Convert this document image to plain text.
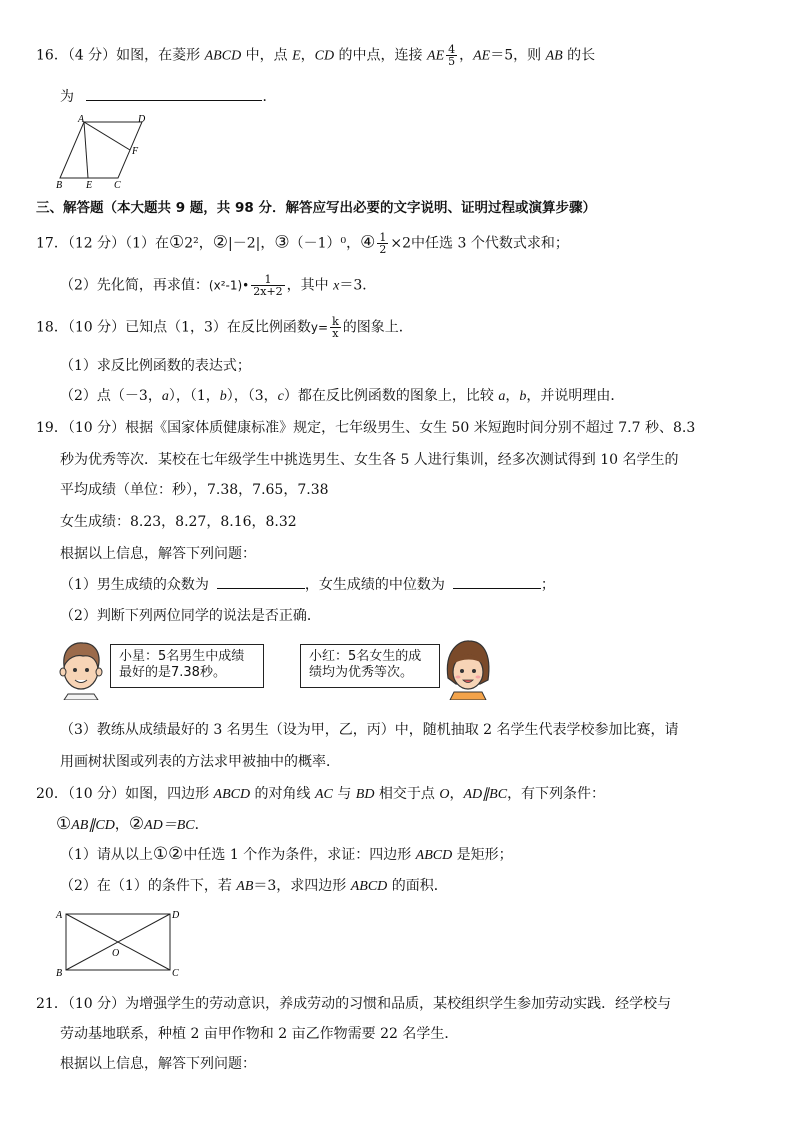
16．（4 分）如图，在菱形 ABCD 中，点 E，CD 的中点，连接 AE $\frac{4}{5}$ ，AE＝5，则 AB 的长
为	．
A	D
F
B E C
三、解答题（本大题共 9 题，共 98 分．解答应写出必要的文字说明、证明过程或演算步骤）
17．（12 分）（1）在①2²，②|－2|，③（－1）⁰，④ $\frac{1}{2} \times 2$中任选 3 个代数式求和；
（2）先化简，再求值：(x²-1)• $\frac{1}{2x+2}$ ，其中 x＝3．
18．（10 分）已知点（1，3）在反比例函数$y= \frac{k}{x}$ 的图象上．
（1）求反比例函数的表达式；
（2）点（－3，a），（1，b），（3，c）都在反比例函数的图象上，比较 a，b，并说明理由．
19．（10 分）根据《国家体质健康标准》规定，七年级男生、女生 50 米短跑时间分别不超过 7.7 秒、8.3
秒为优秀等次．某校在七年级学生中挑选男生、女生各 5 人进行集训，经多次测试得到 10 名学生的
平均成绩（单位：秒），7.38，7.65，7.38
女生成绩：8.23，8.27，8.16，8.32
根据以上信息，解答下列问题：
（1）男生成绩的众数为	，女生成绩的中位数为	；
（2）判断下列两位同学的说法是否正确．
小星：5名男生中成绩最好的是7.38秒。
小红：5名女生的成绩均为优秀等次。
（3）教练从成绩最好的 3 名男生（设为甲，乙，丙）中，随机抽取 2 名学生代表学校参加比赛，请
用画树状图或列表的方法求甲被抽中的概率．
20．（10 分）如图，四边形 ABCD 的对角线 AC 与 BD 相交于点 O，AD∥BC，有下列条件：
①AB∥CD，②AD＝BC．
（1）请从以上①②中任选 1 个作为条件，求证：四边形 ABCD 是矩形；
（2）在（1）的条件下，若 AB＝3，求四边形 ABCD 的面积．
A	D
B	C
O
21．（10 分）为增强学生的劳动意识，养成劳动的习惯和品质，某校组织学生参加劳动实践．经学校与
劳动基地联系，种植 2 亩甲作物和 2 亩乙作物需要 22 名学生．
根据以上信息，解答下列问题：
